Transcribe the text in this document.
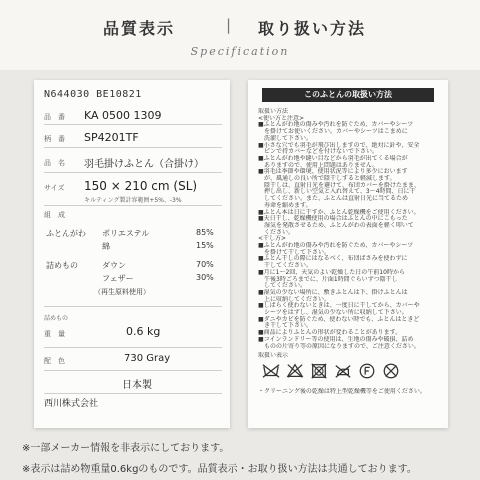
品質表示	| 取り扱い方法
Specification
N644030 BE10821
品　番 KA 0500 1309
柄　番 SP4201TF
品　名 羽毛掛けふとん（合掛け）
サイズ 150 × 210 cm (SL)
キルティング製計容範囲+5%、-3%
組　成
ふとんがわ ポリエステル	85%
綿	15%
詰めもの	ダウン	70%
フェザー	30%
（再生原料使用）
詰めもの
重　量	0.6 kg
配　色	730 Gray
日本製
西川株式会社
このふとんの取扱い方法
取扱い方法
<使い方と注意>
■ふとんがわ地の傷みや汚れを防ぐため、カバーやシーツ
　を掛けてお使いください。カバーやシーツはこまめに
　洗濯して下さい。
■小さな穴でも羽毛が飛び出しますので、絶対に針や、安全
　ピンで持カバーなどを付けないで下さい。
■ふとんがわ地や縫い目などから羽毛が出てくる場合が
　ありますので、使用上問題はありません。
■羽毛は季節や環境、使用状況等により多少においます
　が、風通しの良い所で陰干しすると軽減します。
　陰干しは、直射日光を避けて、布団カバーを掛けたまま、
　押し出し、新しい空気と入れ替えて、3〜4時間、日に干
　してください。また、ふとんは直射日光に当てるため
　寿命を縮めます。
■ふとん本は日に干すか、ふとん乾燥機をご使用ください。
■天日干し、乾燥機使用の場合はふとんの中にこもった
　湿気を発散させるため、ふとんがわの表面を軽く叩いて
　ください。
<干し方>
■ふとんがわ地の傷みや汚れを防ぐため、カバーやシーツ
　を掛けて干して下さい。
■ふとん干しの際にはなるべく、布団ばさみを使わずに
　干してください。
■月に1〜2回、天気のよい乾燥した日の午前10時から
　午後3時ごろまでに、片面1時間ぐらいずつ陰干し
　してください。
■湿気の少ない場所に、敷きふとんは下、掛けふとんは
　上に収納してください。
■しばらく使わないときは、一度日に干してから、カバーや
　シーツをはずし、湿気の少ない所に収納して下さい。
■ダニやカビを防ぐため、使わない時でも、ふとんはときど
　き干して下さい。
■商品によりふとんの形状が変わることがあります。
■コインランドリー等の使用は、生地の傷みや破損、詰め
　ものの片寄り等の原因になりますので、ご注意ください。
取扱い表示
・クリーニング後の乾燥は特上型乾燥機等をご使用ください。
※一部メーカー情報を非表示にしております。
※表示は詰め物重量0.6kgのものです。品質表示・お取り扱い方法は共通しております。
